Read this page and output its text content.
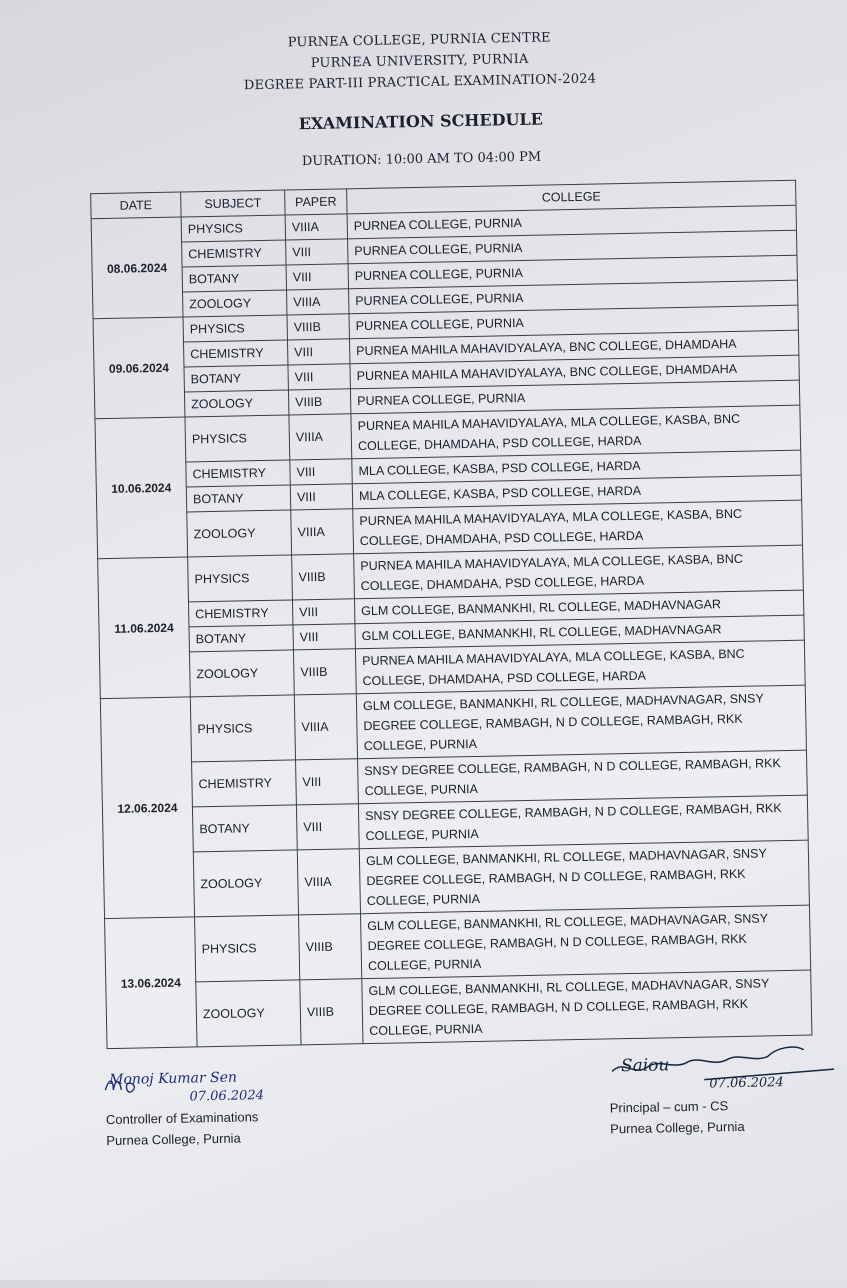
PURNEA COLLEGE, PURNIA CENTRE
PURNEA UNIVERSITY, PURNIA
DEGREE PART-III PRACTICAL EXAMINATION-2024
EXAMINATION SCHEDULE
DURATION: 10:00 AM TO 04:00 PM
DATE	SUBJECT	PAPER	COLLEGE
08.06.2024	PHYSICS	VIIIA	PURNEA COLLEGE, PURNIA
	CHEMISTRY	VIII	PURNEA COLLEGE, PURNIA
	BOTANY	VIII	PURNEA COLLEGE, PURNIA
	ZOOLOGY	VIIIA	PURNEA COLLEGE, PURNIA
09.06.2024	PHYSICS	VIIIB	PURNEA COLLEGE, PURNIA
	CHEMISTRY	VIII	PURNEA MAHILA MAHAVIDYALAYA, BNC COLLEGE, DHAMDAHA
	BOTANY	VIII	PURNEA MAHILA MAHAVIDYALAYA, BNC COLLEGE, DHAMDAHA
	ZOOLOGY	VIIIB	PURNEA COLLEGE, PURNIA
10.06.2024	PHYSICS	VIIIA	PURNEA MAHILA MAHAVIDYALAYA, MLA COLLEGE, KASBA, BNC COLLEGE, DHAMDAHA, PSD COLLEGE, HARDA
	CHEMISTRY	VIII	MLA COLLEGE, KASBA, PSD COLLEGE, HARDA
	BOTANY	VIII	MLA COLLEGE, KASBA, PSD COLLEGE, HARDA
	ZOOLOGY	VIIIA	PURNEA MAHILA MAHAVIDYALAYA, MLA COLLEGE, KASBA, BNC COLLEGE, DHAMDAHA, PSD COLLEGE, HARDA
11.06.2024	PHYSICS	VIIIB	PURNEA MAHILA MAHAVIDYALAYA, MLA COLLEGE, KASBA, BNC COLLEGE, DHAMDAHA, PSD COLLEGE, HARDA
	CHEMISTRY	VIII	GLM COLLEGE, BANMANKHI, RL COLLEGE, MADHAVNAGAR
	BOTANY	VIII	GLM COLLEGE, BANMANKHI, RL COLLEGE, MADHAVNAGAR
	ZOOLOGY	VIIIB	PURNEA MAHILA MAHAVIDYALAYA, MLA COLLEGE, KASBA, BNC COLLEGE, DHAMDAHA, PSD COLLEGE, HARDA
12.06.2024	PHYSICS	VIIIA	GLM COLLEGE, BANMANKHI, RL COLLEGE, MADHAVNAGAR, SNSY DEGREE COLLEGE, RAMBAGH, N D COLLEGE, RAMBAGH, RKK COLLEGE, PURNIA
	CHEMISTRY	VIII	SNSY DEGREE COLLEGE, RAMBAGH, N D COLLEGE, RAMBAGH, RKK COLLEGE, PURNIA
	BOTANY	VIII	SNSY DEGREE COLLEGE, RAMBAGH, N D COLLEGE, RAMBAGH, RKK COLLEGE, PURNIA
	ZOOLOGY	VIIIA	GLM COLLEGE, BANMANKHI, RL COLLEGE, MADHAVNAGAR, SNSY DEGREE COLLEGE, RAMBAGH, N D COLLEGE, RAMBAGH, RKK COLLEGE, PURNIA
13.06.2024	PHYSICS	VIIIB	GLM COLLEGE, BANMANKHI, RL COLLEGE, MADHAVNAGAR, SNSY DEGREE COLLEGE, RAMBAGH, N D COLLEGE, RAMBAGH, RKK COLLEGE, PURNIA
	ZOOLOGY	VIIIB	GLM COLLEGE, BANMANKHI, RL COLLEGE, MADHAVNAGAR, SNSY DEGREE COLLEGE, RAMBAGH, N D COLLEGE, RAMBAGH, RKK COLLEGE, PURNIA
Monoj Kumar Sen
07.06.2024
Controller of Examinations
Purnea College, Purnia
Saiou
07.06.2024
Principal – cum - CS
Purnea College, Purnia
